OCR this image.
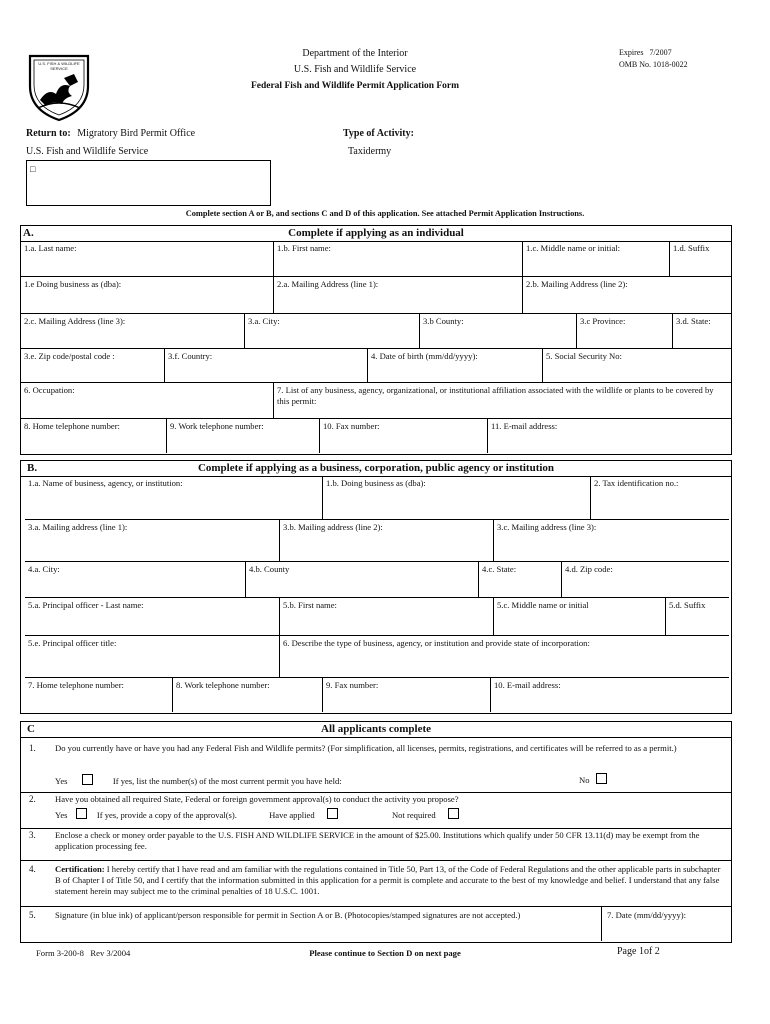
U.S. FISH & WILDLIFE SERVICE
Department of the Interior
U.S. Fish and Wildlife Service
Federal Fish and Wildlife Permit Application Form
Expires   7/2007
OMB No. 1018-0022
Return to: Migratory Bird Permit Office
U.S. Fish and Wildlife Service
□
Type of Activity:
Taxidermy
Complete section A or B, and sections C and D of this application. See attached Permit Application Instructions.
Complete if applying as an individual
A.
1.a. Last name:	1.b. First name:	1.c. Middle name or initial:	1.d. Suffix
1.e Doing business as (dba):	2.a. Mailing Address (line 1):	2.b. Mailing Address (line 2):
2.c. Mailing Address (line 3):	3.a. City:	3.b County:	3.c Province:	3.d. State:
3.e. Zip code/postal code :	3.f. Country:	4. Date of birth (mm/dd/yyyy):	5. Social Security No:
6. Occupation:	7. List of any business, agency, organizational, or institutional affiliation associated with the wildlife or plants to be covered by this permit:
8. Home telephone number:	9. Work telephone number:	10. Fax number:	11. E-mail address:
Complete if applying as a business, corporation, public agency or institution
B.
1.a. Name of business, agency, or institution:	1.b. Doing business as (dba):	2. Tax identification no.:
3.a. Mailing address (line 1):	3.b. Mailing address (line 2):	3.c. Mailing address (line 3):
4.a. City:	4.b. County	4.c. State:	4.d. Zip code:
5.a. Principal officer - Last name:	5.b. First name:	5.c. Middle name or initial	5.d. Suffix
5.e. Principal officer title:	6. Describe the type of business, agency, or institution and provide state of incorporation:
7. Home telephone number:	8. Work telephone number:	9. Fax number:	10. E-mail address:
All applicants complete
C
1. Do you currently have or have you had any Federal Fish and Wildlife permits? (For simplification, all licenses, permits, registrations, and certificates will be referred to as a permit.)
Yes	If yes, list the number(s) of the most current permit you have held:	No
2. Have you obtained all required State, Federal or foreign government approval(s) to conduct the activity you propose?
Yes	If yes, provide a copy of the approval(s).	Have applied	Not required
3. Enclose a check or money order payable to the U.S. FISH AND WILDLIFE SERVICE in the amount of $25.00. Institutions which qualify under 50 CFR 13.11(d) may be exempt from the application processing fee.
4. Certification: I hereby certify that I have read and am familiar with the regulations contained in Title 50, Part 13, of the Code of Federal Regulations and the other applicable parts in subchapter B of Chapter I of Title 50, and I certify that the information submitted in this application for a permit is complete and accurate to the best of my knowledge and belief. I understand that any false statement herein may subject me to the criminal penalties of 18 U.S.C. 1001.
5. Signature (in blue ink) of applicant/person responsible for permit in Section A or B. (Photocopies/stamped signatures are not accepted.)	7. Date (mm/dd/yyyy):
Form 3-200-8   Rev 3/2004	Please continue to Section D on next page	Page 1of 2
